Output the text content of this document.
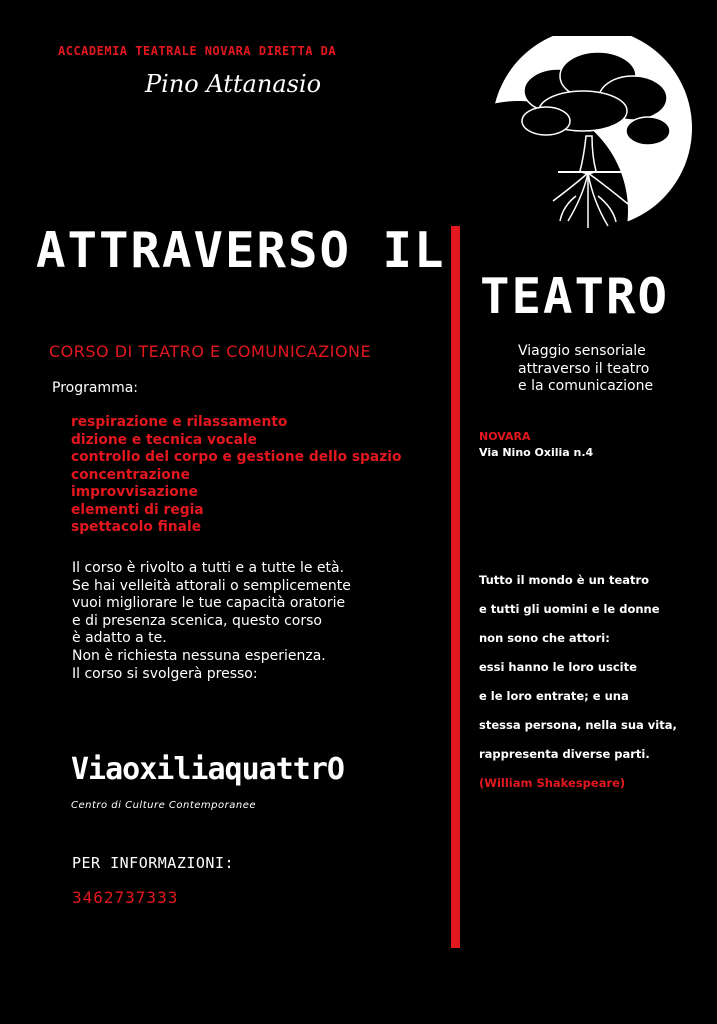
ACCADEMIA TEATRALE NOVARA DIRETTA DA
Pino Attanasio
ATTRAVERSO IL
TEATRO
CORSO DI TEATRO E COMUNICAZIONE
Programma:
respirazione e rilassamento
dizione e tecnica vocale
controllo del corpo e gestione dello spazio
concentrazione
improvvisazione
elementi di regia
spettacolo finale
Il corso è rivolto a tutti e a tutte le età.
Se hai velleità attorali o semplicemente
vuoi migliorare le tue capacità oratorie
e di presenza scenica, questo corso
è adatto a te.
Non è richiesta nessuna esperienza.
Il corso si svolgerà presso:
ViaoxiliaquattrO
Centro di Culture Contemporanee
PER INFORMAZIONI:
3462737333
Viaggio sensoriale
attraverso il teatro
e la comunicazione
NOVARA
Via Nino Oxilia n.4
Tutto il mondo è un teatro
e tutti gli uomini e le donne
non sono che attori:
essi hanno le loro uscite
e le loro entrate; e una
stessa persona, nella sua vita,
rappresenta diverse parti.
(William Shakespeare)
